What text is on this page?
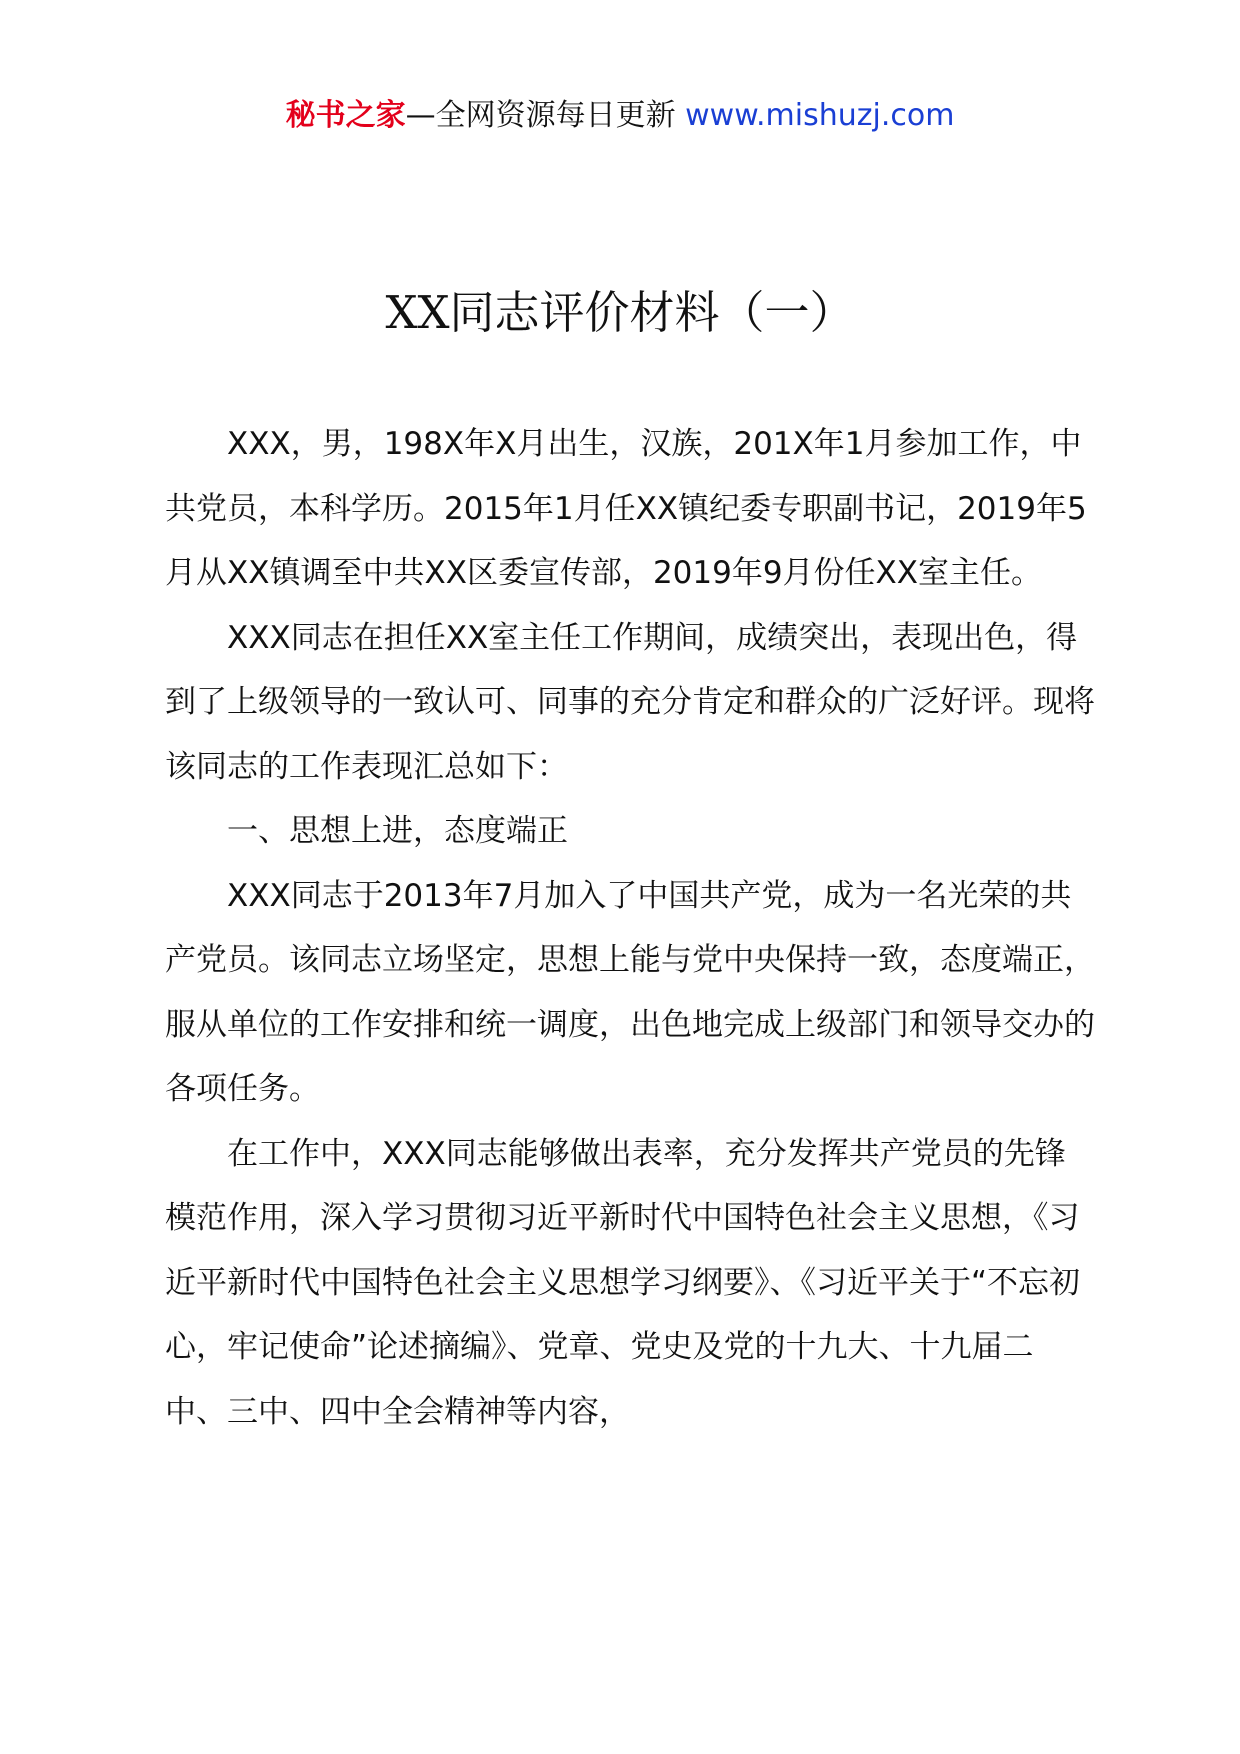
秘书之家—全网资源每日更新 www.mishuzj.com
XX同志评价材料（一）

XXX，男，198X年X月出生，汉族，201X年1月参加工作，中共党员，本科学历。2015年1月任XX镇纪委专职副书记，2019年5月从XX镇调至中共XX区委宣传部，2019年9月份任XX室主任。

XXX同志在担任XX室主任工作期间，成绩突出，表现出色，得到了上级领导的一致认可、同事的充分肯定和群众的广泛好评。现将该同志的工作表现汇总如下：

一、思想上进，态度端正

XXX同志于2013年7月加入了中国共产党，成为一名光荣的共产党员。该同志立场坚定，思想上能与党中央保持一致，态度端正，服从单位的工作安排和统一调度，出色地完成上级部门和领导交办的各项任务。

在工作中，XXX同志能够做出表率，充分发挥共产党员的先锋模范作用，深入学习贯彻习近平新时代中国特色社会主义思想，《习近平新时代中国特色社会主义思想学习纲要》、《习近平关于“不忘初心，牢记使命”论述摘编》、党章、党史及党的十九大、十九届二中、三中、四中全会精神等内容，
